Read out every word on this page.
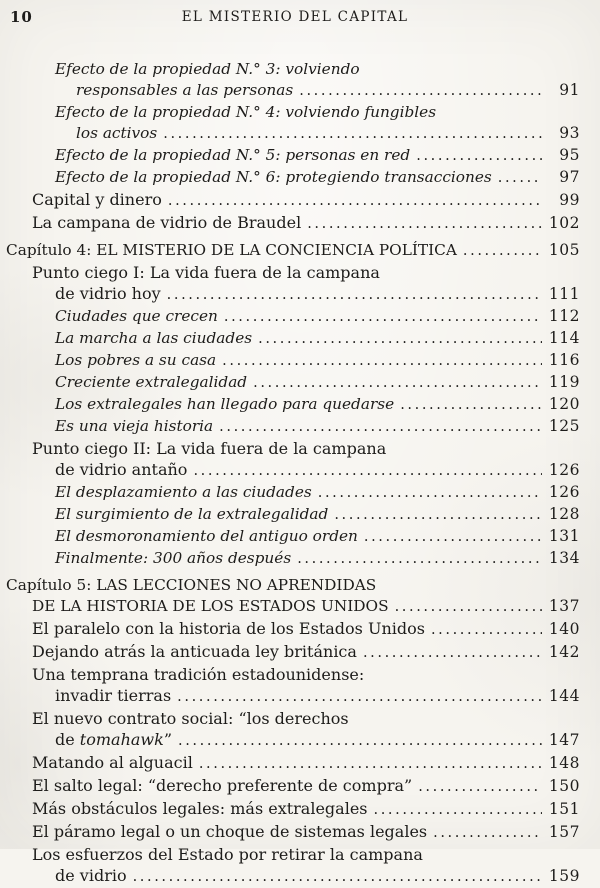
10	EL MISTERIO DEL CAPITAL
Efecto de la propiedad N.° 3: volviendo
responsables a las personas .....	91
Efecto de la propiedad N.° 4: volviendo fungibles
los activos .....	93
Efecto de la propiedad N.° 5: personas en red .....	95
Efecto de la propiedad N.° 6: protegiendo transacciones .....	97
Capital y dinero .....	99
La campana de vidrio de Braudel .....	102
Capítulo 4: EL MISTERIO DE LA CONCIENCIA POLÍTICA .....	105
Punto ciego I: La vida fuera de la campana
de vidrio hoy .....	111
Ciudades que crecen .....	112
La marcha a las ciudades .....	114
Los pobres a su casa .....	116
Creciente extralegalidad .....	119
Los extralegales han llegado para quedarse .....	120
Es una vieja historia .....	125
Punto ciego II: La vida fuera de la campana
de vidrio antaño .....	126
El desplazamiento a las ciudades .....	126
El surgimiento de la extralegalidad .....	128
El desmoronamiento del antiguo orden .....	131
Finalmente: 300 años después .....	134
Capítulo 5: LAS LECCIONES NO APRENDIDAS
DE LA HISTORIA DE LOS ESTADOS UNIDOS .....	137
El paralelo con la historia de los Estados Unidos .....	140
Dejando atrás la anticuada ley británica .....	142
Una temprana tradición estadounidense:
invadir tierras .....	144
El nuevo contrato social: “los derechos
de tomahawk” .....	147
Matando al alguacil .....	148
El salto legal: “derecho preferente de compra” .....	150
Más obstáculos legales: más extralegales .....	151
El páramo legal o un choque de sistemas legales .....	157
Los esfuerzos del Estado por retirar la campana
de vidrio .....	159
